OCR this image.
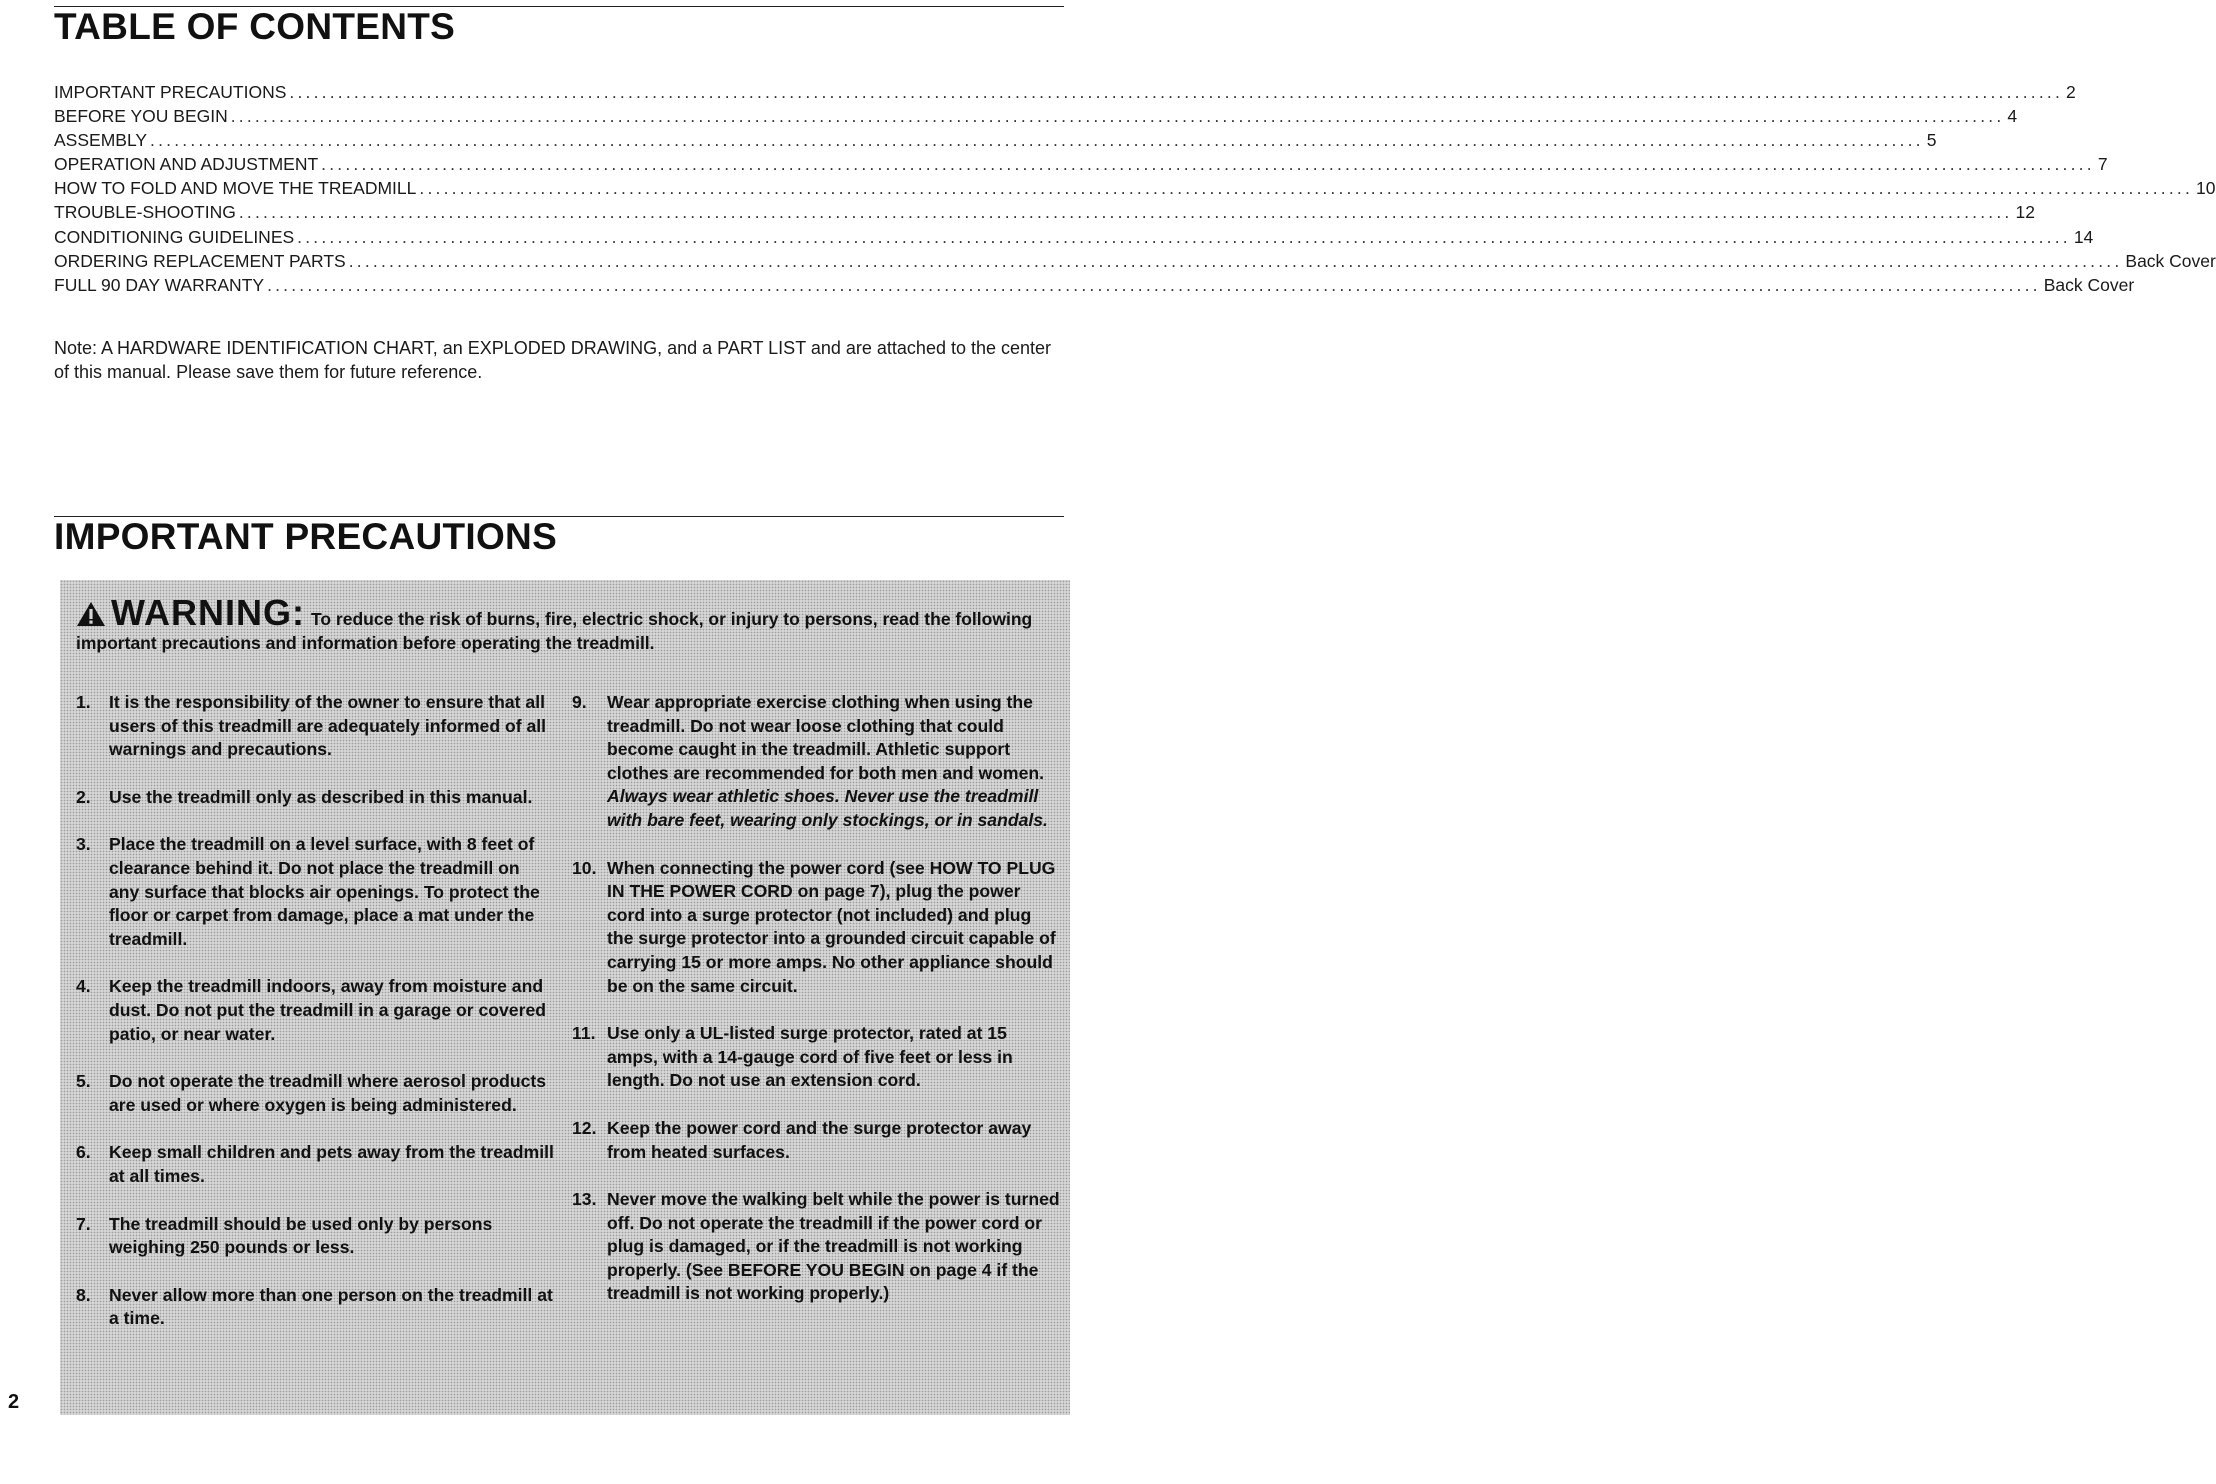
TABLE OF CONTENTS
IMPORTANT PRECAUTIONS ............................................................................................................................................................................................................................ 2
BEFORE YOU BEGIN ............................................................................................................................................................................................................................ 4
ASSEMBLY ............................................................................................................................................................................................................................ 5
OPERATION AND ADJUSTMENT ............................................................................................................................................................................................................................ 7
HOW TO FOLD AND MOVE THE TREADMILL ............................................................................................................................................................................................................................ 10
TROUBLE-SHOOTING ............................................................................................................................................................................................................................ 12
CONDITIONING GUIDELINES ............................................................................................................................................................................................................................ 14
ORDERING REPLACEMENT PARTS ............................................................................................................................................................................................................................ Back Cover
FULL 90 DAY WARRANTY ............................................................................................................................................................................................................................ Back Cover

Note: A HARDWARE IDENTIFICATION CHART, an EXPLODED DRAWING, and a PART LIST and are attached to the center of this manual. Please save them for future reference.

IMPORTANT PRECAUTIONS

WARNING: To reduce the risk of burns, fire, electric shock, or injury to persons, read the following important precautions and information before operating the treadmill.

1.	It is the responsibility of the owner to ensure that all users of this treadmill are adequately informed of all warnings and precautions.
2.	Use the treadmill only as described in this manual.
3.	Place the treadmill on a level surface, with 8 feet of clearance behind it. Do not place the treadmill on any surface that blocks air openings. To protect the floor or carpet from damage, place a mat under the treadmill.
4.	Keep the treadmill indoors, away from moisture and dust. Do not put the treadmill in a garage or covered patio, or near water.
5.	Do not operate the treadmill where aerosol products are used or where oxygen is being administered.
6.	Keep small children and pets away from the treadmill at all times.
7.	The treadmill should be used only by persons weighing 250 pounds or less.
8.	Never allow more than one person on the treadmill at a time.
9.	Wear appropriate exercise clothing when using the treadmill. Do not wear loose clothing that could become caught in the treadmill. Athletic support clothes are recommended for both men and women. Always wear athletic shoes. Never use the treadmill with bare feet, wearing only stockings, or in sandals.
10. When connecting the power cord (see HOW TO PLUG IN THE POWER CORD on page 7), plug the power cord into a surge protector (not included) and plug the surge protector into a grounded circuit capable of carrying 15 or more amps. No other appliance should be on the same circuit.
11. Use only a UL-listed surge protector, rated at 15 amps, with a 14-gauge cord of five feet or less in length. Do not use an extension cord.
12. Keep the power cord and the surge protector away from heated surfaces.
13. Never move the walking belt while the power is turned off. Do not operate the treadmill if the power cord or plug is damaged, or if the treadmill is not working properly. (See BEFORE YOU BEGIN on page 4 if the treadmill is not working properly.)

2
